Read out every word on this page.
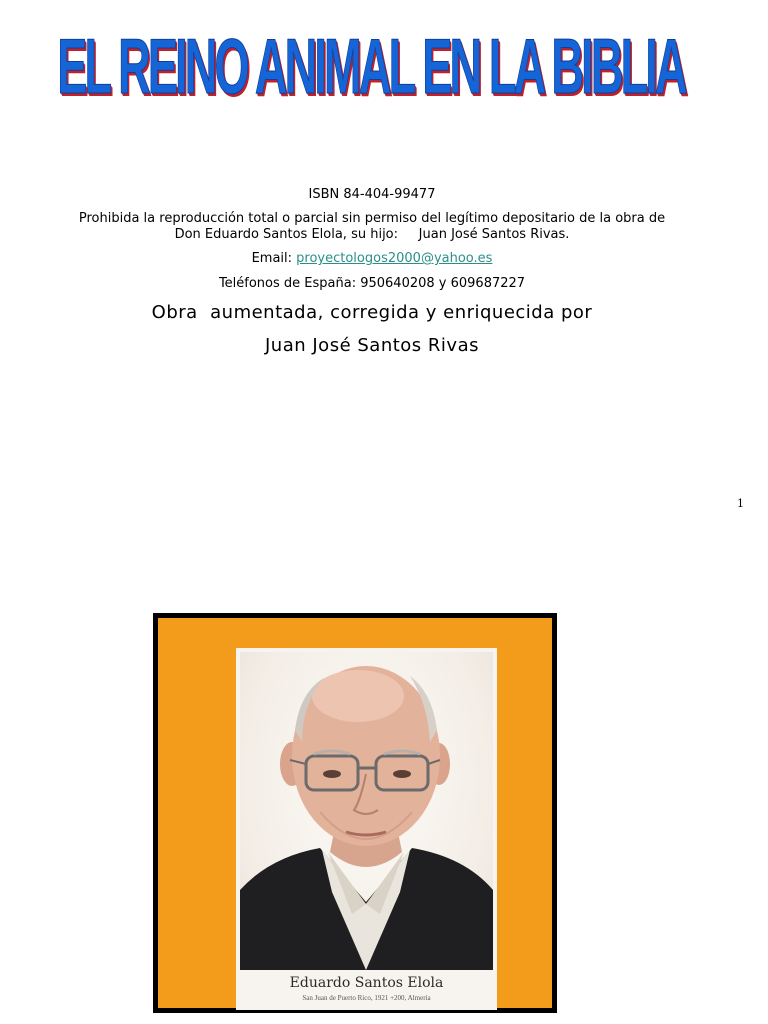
EL REINO ANIMAL EN LA BIBLIA
ISBN 84-404-99477
Prohibida la reproducción total o parcial sin permiso del legítimo depositario de la obra de
Don Eduardo Santos Elola, su hijo:     Juan José Santos Rivas.
Email: proyectologos2000@yahoo.es
Teléfonos de España: 950640208 y 609687227
Obra  aumentada, corregida y enriquecida por
Juan José Santos Rivas
1
Eduardo Santos Elola
San Juan de Puerto Rico, 1921 +200, Almería
